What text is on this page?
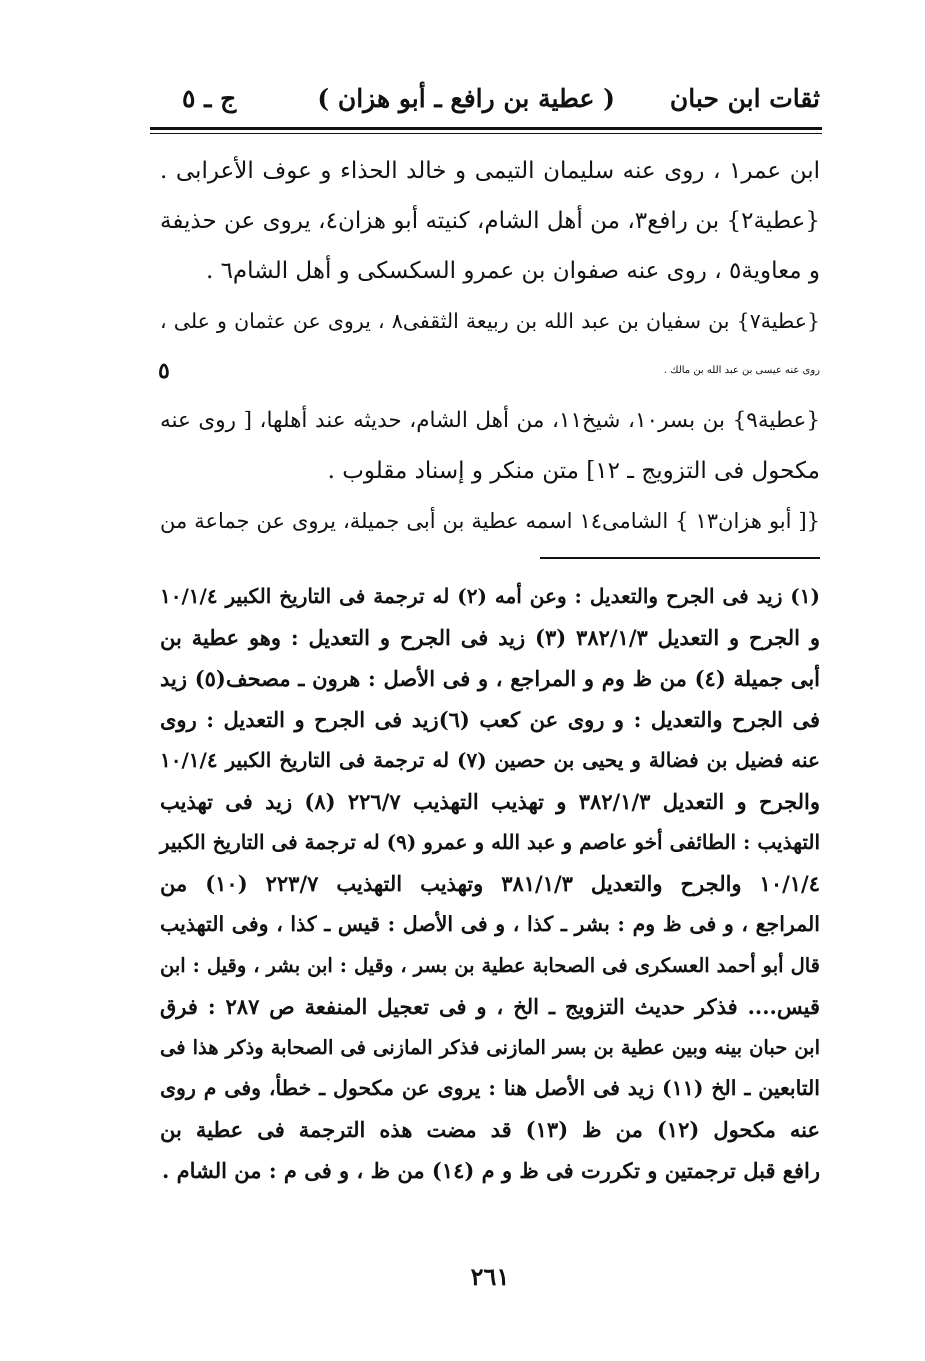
ثقات ابن حبان
( عطية بن رافع ـ أبو هزان )
ج ـ ٥
ابن عمر١ ، روى عنه سليمان التيمى و خالد الحذاء و عوف الأعرابى .
{عطية٢} بن رافع٣، من أهل الشام، كنيته أبو هزان٤، يروى عن حذيفة
و معاوية٥ ، روى عنه صفوان بن عمرو السكسكى و أهل الشام٦ .
{عطية٧} بن سفيان بن عبد الله بن ربيعة الثقفى٨ ، يروى عن عثمان و على ،
روى عنه عيسى بن عبد الله بن مالك .
٥
{عطية٩} بن بسر١٠، شيخ١١، من أهل الشام، حديثه عند أهلها، [ روى عنه
مكحول فى التزويج ـ ١٢] متن منكر و إسناد مقلوب .
{[ أبو هزان١٣ } الشامى١٤ اسمه عطية بن أبى جميلة، يروى عن جماعة من
(١) زيد فى الجرح والتعديل : وعن أمه (٢) له ترجمة فى التاريخ الكبير ١٠/١/٤
و الجرح و التعديل ٣٨٢/١/٣ (٣) زيد فى الجرح و التعديل : وهو عطية بن
أبى جميلة (٤) من ظ وم و المراجع ، و فى الأصل : هرون ـ مصحف(٥) زيد
فى الجرح والتعديل : و روى عن كعب (٦)زيد فى الجرح و التعديل : روى
عنه فضيل بن فضالة و يحيى بن حصين (٧) له ترجمة فى التاريخ الكبير ١٠/١/٤
والجرح و التعديل ٣٨٢/١/٣ و تهذيب التهذيب ٢٢٦/٧ (٨) زيد فى تهذيب
التهذيب : الطائفى أخو عاصم و عبد الله و عمرو (٩) له ترجمة فى التاريخ الكبير
١٠/١/٤ والجرح والتعديل ٣٨١/١/٣ وتهذيب التهذيب ٢٢٣/٧ (١٠) من
المراجع ، و فى ظ وم : بشر ـ كذا ، و فى الأصل : قيس ـ كذا ، وفى التهذيب
قال أبو أحمد العسكرى فى الصحابة عطية بن بسر ، وقيل : ابن بشر ، وقيل : ابن
قيس.... فذكر حديث التزويج ـ الخ ، و فى تعجيل المنفعة ص ٢٨٧ : فرق
ابن حبان بينه وبين عطية بن بسر المازنى فذكر المازنى فى الصحابة وذكر هذا فى
التابعين ـ الخ (١١) زيد فى الأصل هنا : يروى عن مكحول ـ خطأ، وفى م روى
عنه مكحول (١٢) من ظ (١٣) قد مضت هذه الترجمة فى عطية بن
رافع قبل ترجمتين و تكررت فى ظ و م (١٤) من ظ ، و فى م : من الشام .
٢٦١
